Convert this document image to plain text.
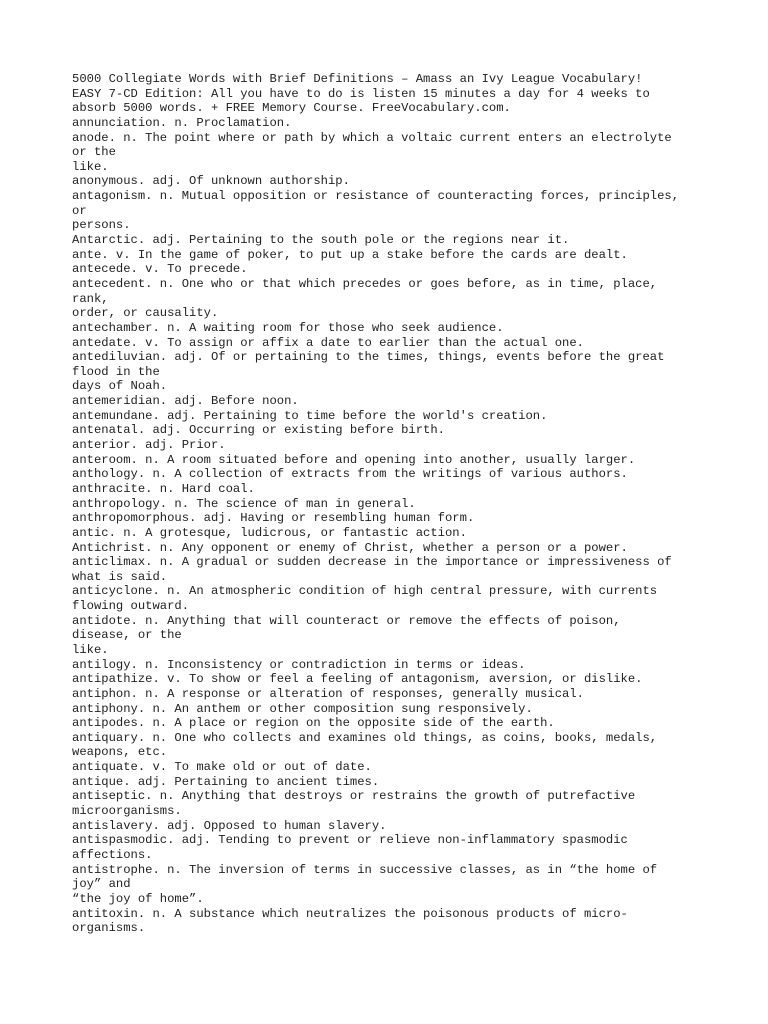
5000 Collegiate Words with Brief Definitions – Amass an Ivy League Vocabulary!
EASY 7-CD Edition: All you have to do is listen 15 minutes a day for 4 weeks to
absorb 5000 words. + FREE Memory Course. FreeVocabulary.com.
annunciation. n. Proclamation.
anode. n. The point where or path by which a voltaic current enters an electrolyte
or the
like.
anonymous. adj. Of unknown authorship.
antagonism. n. Mutual opposition or resistance of counteracting forces, principles,
or
persons.
Antarctic. adj. Pertaining to the south pole or the regions near it.
ante. v. In the game of poker, to put up a stake before the cards are dealt.
antecede. v. To precede.
antecedent. n. One who or that which precedes or goes before, as in time, place,
rank,
order, or causality.
antechamber. n. A waiting room for those who seek audience.
antedate. v. To assign or affix a date to earlier than the actual one.
antediluvian. adj. Of or pertaining to the times, things, events before the great
flood in the
days of Noah.
antemeridian. adj. Before noon.
antemundane. adj. Pertaining to time before the world's creation.
antenatal. adj. Occurring or existing before birth.
anterior. adj. Prior.
anteroom. n. A room situated before and opening into another, usually larger.
anthology. n. A collection of extracts from the writings of various authors.
anthracite. n. Hard coal.
anthropology. n. The science of man in general.
anthropomorphous. adj. Having or resembling human form.
antic. n. A grotesque, ludicrous, or fantastic action.
Antichrist. n. Any opponent or enemy of Christ, whether a person or a power.
anticlimax. n. A gradual or sudden decrease in the importance or impressiveness of
what is said.
anticyclone. n. An atmospheric condition of high central pressure, with currents
flowing outward.
antidote. n. Anything that will counteract or remove the effects of poison,
disease, or the
like.
antilogy. n. Inconsistency or contradiction in terms or ideas.
antipathize. v. To show or feel a feeling of antagonism, aversion, or dislike.
antiphon. n. A response or alteration of responses, generally musical.
antiphony. n. An anthem or other composition sung responsively.
antipodes. n. A place or region on the opposite side of the earth.
antiquary. n. One who collects and examines old things, as coins, books, medals,
weapons, etc.
antiquate. v. To make old or out of date.
antique. adj. Pertaining to ancient times.
antiseptic. n. Anything that destroys or restrains the growth of putrefactive
microorganisms.
antislavery. adj. Opposed to human slavery.
antispasmodic. adj. Tending to prevent or relieve non-inflammatory spasmodic
affections.
antistrophe. n. The inversion of terms in successive classes, as in “the home of
joy” and
“the joy of home”.
antitoxin. n. A substance which neutralizes the poisonous products of micro-
organisms.
